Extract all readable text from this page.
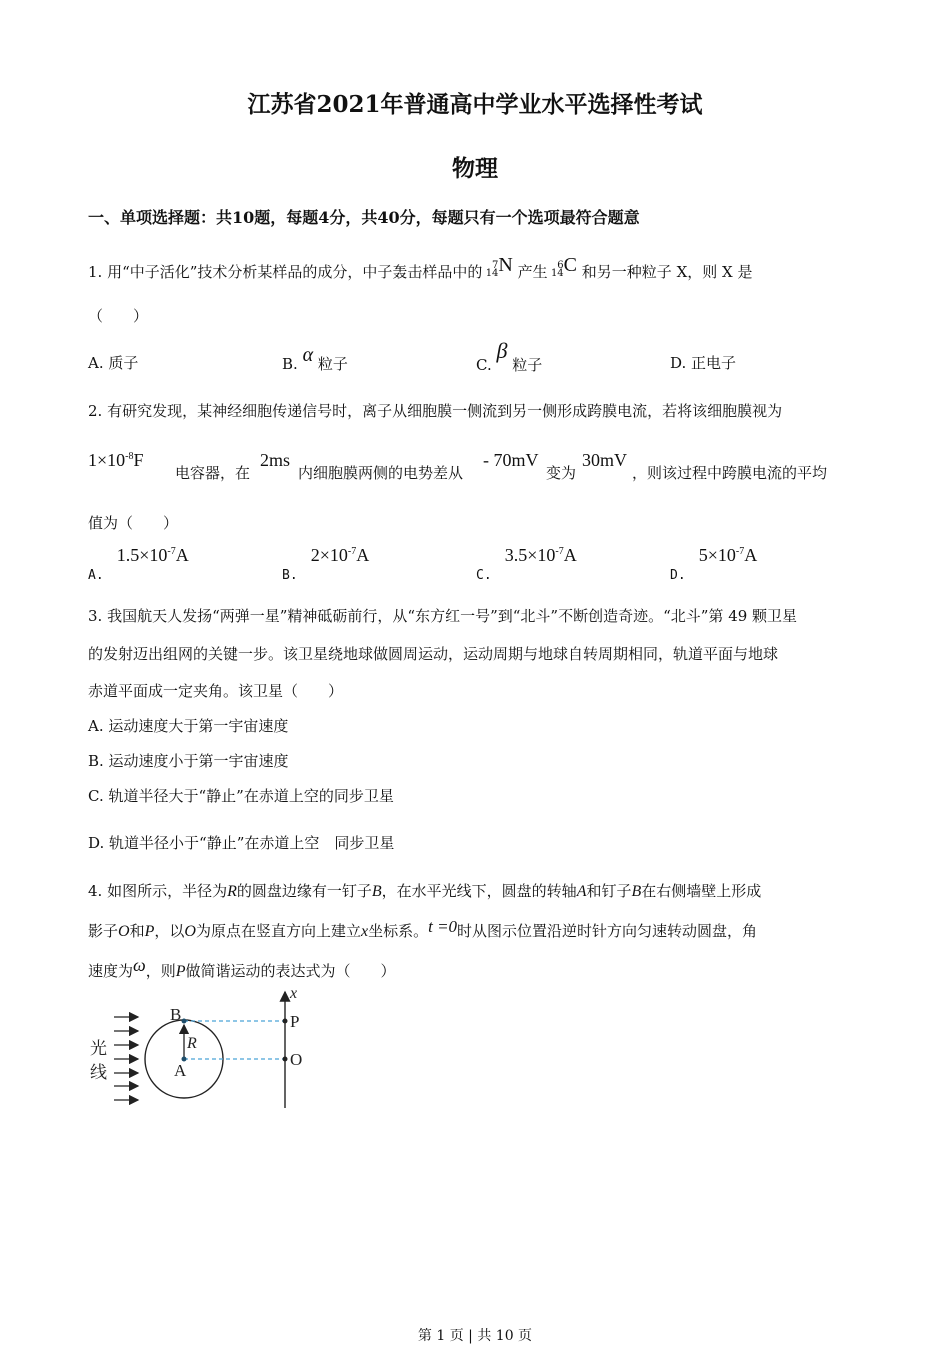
江苏省2021年普通高中学业水平选择性考试
物理
一、单项选择题：共10题，每题4分，共40分，每题只有一个选项最符合题意
1. 用“中子活化”技术分析某样品的成分，中子轰击样品中的 14
7 N 产生 14
6 C 和另一种粒子 X，则 X 是
（　　）
A. 质子	B. α 粒子	C. β 粒子	D. 正电子
2. 有研究发现，某神经细胞传递信号时，离子从细胞膜一侧流到另一侧形成跨膜电流，若将该细胞膜视为
$1\times 10^{-8}F$
电容器，在
2ms
内细胞膜两侧的电势差从
- 70mV
变为
30mV
，则该过程中跨膜电流的平均
值为（　　）
$_{A.}$ $1.5\times 10^{-7}A$
$_{B.}$ $2\times 10^{-7}A$
$_{C.}$ $3.5\times 10^{-7}A$
$_{D.}$ $5\times 10^{-7}A$
3. 我国航天人发扬“两弹一星”精神砥砺前行，从“东方红一号”到“北斗”不断创造奇迹。“北斗”第 49 颗卫星
的发射迈出组网的关键一步。该卫星绕地球做圆周运动，运动周期与地球自转周期相同，轨道平面与地球
赤道平面成一定夹角。该卫星（　　）
A. 运动速度大于第一宇宙速度
B. 运动速度小于第一宇宙速度
C. 轨道半径大于“静止”在赤道上空的同步卫星
D. 轨道半径小于“静止”在赤道上空　同步卫星
4. 如图所示，半径为R的圆盘边缘有一钉子B，在水平光线下，圆盘的转轴A和钉子B在右侧墙壁上形成
影子O和P，以O为原点在竖直方向上建立x坐标系。t =0时从图示位置沿逆时针方向匀速转动圆盘，角
速度为ω，则P做简谐运动的表达式为（　　）
光
线
B
A
R
P
O
x
第 1 页 | 共 10 页
